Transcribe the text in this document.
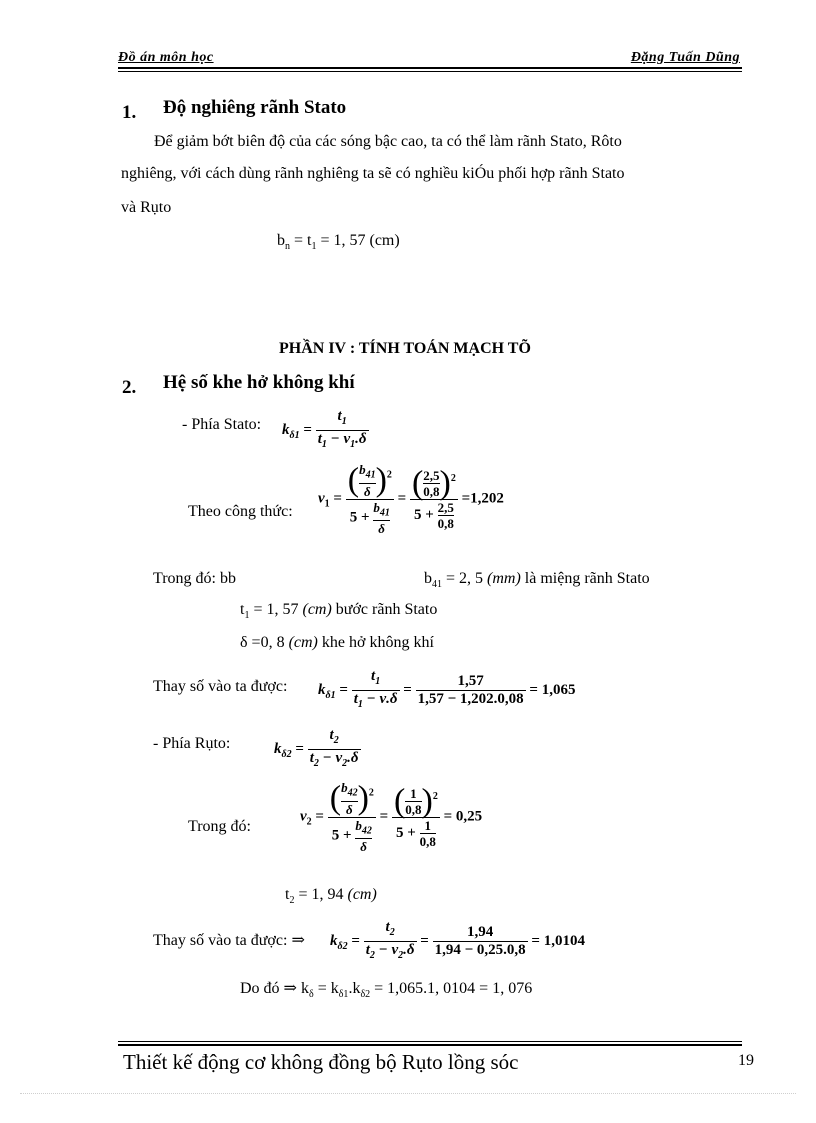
Đồ án môn học	Đặng Tuấn Dũng
1. Độ nghiêng rãnh Stato
Để giảm bớt biên độ của các sóng bậc cao, ta có thể làm rãnh Stato, Rôto
nghiêng, với cách dùng rãnh nghiêng ta sẽ có nghiều kiÓu phối hợp rãnh Stato
và Rụto
$b_n = t_1 = 1$, 57 (cm)
PHẦN IV : TÍNH TOÁN MẠCH TÕ
2. Hệ số khe hở không khí
- Phía Stato: $k_{\delta 1} = \frac{t_1}{t_1 - \nu_1.\delta}$
Theo công thức:
$\nu_1 = \frac{( \frac{b_{41}}{\delta} )^2}{5 + \frac{b_{41}}{\delta}} = \frac{( \frac{2,5}{0,8} )^2}{5 + \frac{2,5}{0,8}} =1,202$
Trong đó: bb	$b_{41} = 2$, 5 (mm) là miệng rãnh Stato
$t_1 = 1$, 57 (cm) bước rãnh Stato
δ =0, 8 (cm) khe hở không khí
Thay số vào ta được: $k_{\delta 1} = \frac{t_1}{t_1 - \nu.\delta} = \frac{1,57}{1,57 - 1,202.0,08} = 1,065$
- Phía Rụto:	$k_{\delta 2} = \frac{t_2}{t_2 - \nu_2.\delta}$
Trong đó:
$\nu_2 = \frac{( \frac{b_{42}}{\delta} )^2}{5 + \frac{b_{42}}{\delta}} = \frac{( \frac{1}{0,8} )^2}{5 + \frac{1}{0,8}} = 0,25$
$t_2 = 1$, 94 (cm)
Thay số vào ta được: ⇒ $k_{\delta 2} = \frac{t_2}{t_2 - \nu_2.\delta} = \frac{1,94}{1,94 - 0,25.0,8} = 1,0104$
Do đó ⇒ $k_\delta = k_{\delta 1}.k_{\delta 2} = 1,065.1$, 0104 = 1, 076
Thiết kế động cơ không đồng bộ Rụto lồng sóc	19
